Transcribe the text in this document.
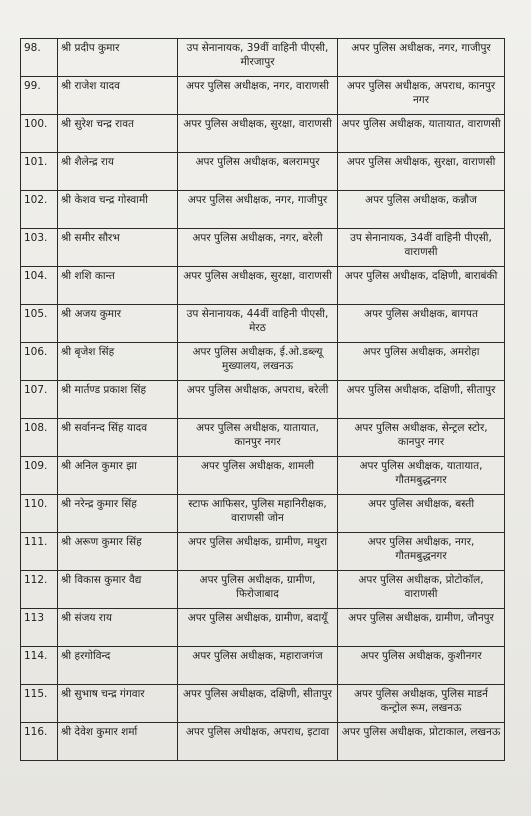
98.	श्री प्रदीप कुमार	उप सेनानायक, 39वीं वाहिनी पीएसी, मीरजापुर	अपर पुलिस अधीक्षक, नगर, गाजीपुर
99.	श्री राजेश यादव	अपर पुलिस अधीक्षक, नगर, वाराणसी	अपर पुलिस अधीक्षक, अपराध, कानपुर नगर
100.	श्री सुरेश चन्द्र रावत	अपर पुलिस अधीक्षक, सुरक्षा, वाराणसी	अपर पुलिस अधीक्षक, यातायात, वाराणसी
101.	श्री शैलेन्द्र राय	अपर पुलिस अधीक्षक, बलरामपुर	अपर पुलिस अधीक्षक, सुरक्षा, वाराणसी
102.	श्री केशव चन्द्र गोस्वामी	अपर पुलिस अधीक्षक, नगर, गाजीपुर	अपर पुलिस अधीक्षक, कन्नौज
103.	श्री समीर सौरभ	अपर पुलिस अधीक्षक, नगर, बरेली	उप सेनानायक, 34वीं वाहिनी पीएसी, वाराणसी
104.	श्री शशि कान्त	अपर पुलिस अधीक्षक, सुरक्षा, वाराणसी	अपर पुलिस अधीक्षक, दक्षिणी, बाराबंकी
105.	श्री अजय कुमार	उप सेनानायक, 44वीं वाहिनी पीएसी, मेरठ	अपर पुलिस अधीक्षक, बागपत
106.	श्री बृजेश सिंह	अपर पुलिस अधीक्षक, ई.ओ.डब्ल्यू मुख्यालय, लखनऊ	अपर पुलिस अधीक्षक, अमरोहा
107.	श्री मार्तण्ड प्रकाश सिंह	अपर पुलिस अधीक्षक, अपराध, बरेली	अपर पुलिस अधीक्षक, दक्षिणी, सीतापुर
108.	श्री सर्वानन्द सिंह यादव	अपर पुलिस अधीक्षक, यातायात, कानपुर नगर	अपर पुलिस अधीक्षक, सेन्ट्रल स्टोर, कानपुर नगर
109.	श्री अनिल कुमार झा	अपर पुलिस अधीक्षक, शामली	अपर पुलिस अधीक्षक, यातायात, गौतमबुद्धनगर
110.	श्री नरेन्द्र कुमार सिंह	स्टाफ आफिसर, पुलिस महानिरीक्षक, वाराणसी जोन	अपर पुलिस अधीक्षक, बस्ती
111.	श्री अरूण कुमार सिंह	अपर पुलिस अधीक्षक, ग्रामीण, मथुरा	अपर पुलिस अधीक्षक, नगर, गौतमबुद्धनगर
112.	श्री विकास कुमार वैद्य	अपर पुलिस अधीक्षक, ग्रामीण, फिरोजाबाद	अपर पुलिस अधीक्षक, प्रोटोकॉल, वाराणसी
113	श्री संजय राय	अपर पुलिस अधीक्षक, ग्रामीण, बदायूँ	अपर पुलिस अधीक्षक, ग्रामीण, जौनपुर
114.	श्री हरगोविन्द	अपर पुलिस अधीक्षक, महाराजगंज	अपर पुलिस अधीक्षक, कुशीनगर
115.	श्री सुभाष चन्द्र गंगवार	अपर पुलिस अधीक्षक, दक्षिणी, सीतापुर	अपर पुलिस अधीक्षक, पुलिस माडर्न कन्ट्रोल रूम, लखनऊ
116.	श्री देवेश कुमार शर्मा	अपर पुलिस अधीक्षक, अपराध, इटावा	अपर पुलिस अधीक्षक, प्रोटाकाल, लखनऊ
